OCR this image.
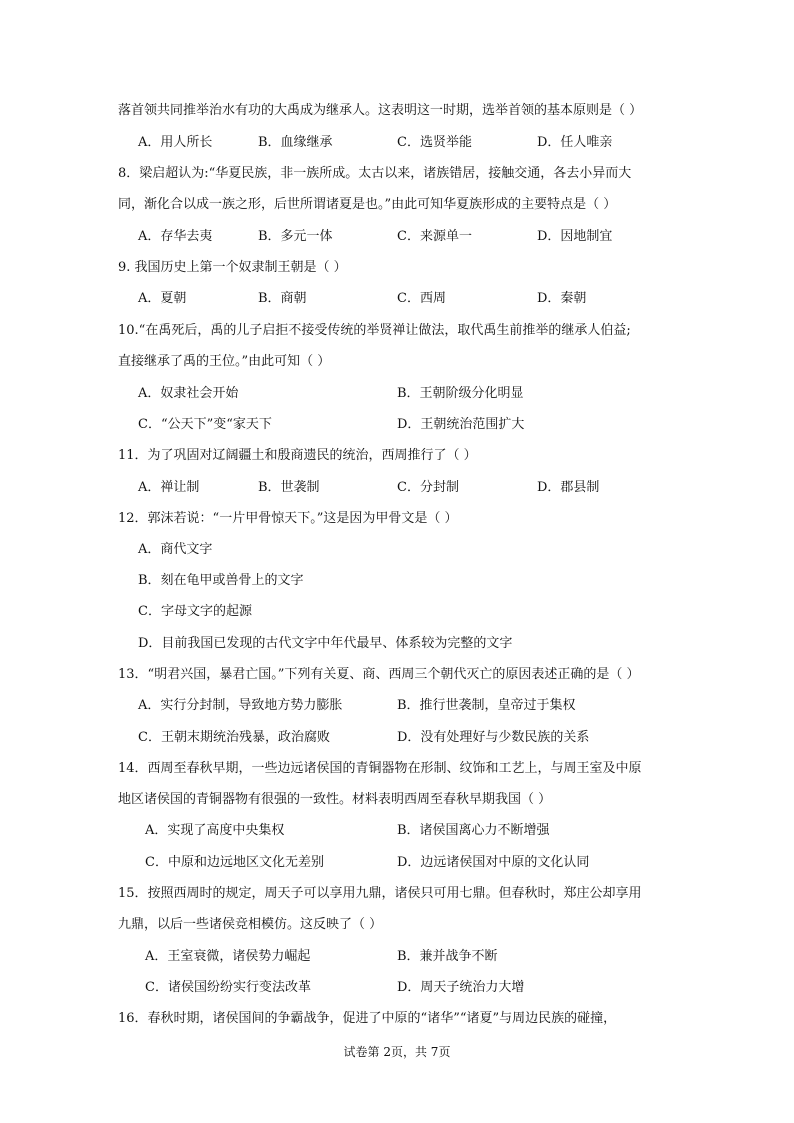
落首领共同推举治水有功的大禹成为继承人。这表明这一时期，选举首领的基本原则是（ ）
A．用人所长	B．血缘继承	C．选贤举能	D．任人唯亲
8．梁启超认为:“华夏民族，非一族所成。太古以来，诸族错居，接触交通，各去小异而大
同，渐化合以成一族之形，后世所谓诸夏是也。”由此可知华夏族形成的主要特点是（ ）
A．存华去夷	B．多元一体	C．来源单一	D．因地制宜
9. 我国历史上第一个奴隶制王朝是（ ）
A．夏朝	B．商朝	C．西周	D．秦朝
10.“在禹死后，禹的儿子启拒不接受传统的举贤禅让做法，取代禹生前推举的继承人伯益;
直接继承了禹的王位。”由此可知（ ）
A．奴隶社会开始	B．王朝阶级分化明显
C．“公天下”变“家天下	D．王朝统治范围扩大
11．为了巩固对辽阔疆土和殷商遗民的统治，西周推行了（ ）
A．禅让制	B．世袭制	C．分封制	D．郡县制
12．郭沫若说：“一片甲骨惊天下。”这是因为甲骨文是（ ）
A．商代文字
B．刻在龟甲或兽骨上的文字
C．字母文字的起源
D．目前我国已发现的古代文字中年代最早、体系较为完整的文字
13．“明君兴国，暴君亡国。”下列有关夏、商、西周三个朝代灭亡的原因表述正确的是（ ）
A．实行分封制，导致地方势力膨胀	B．推行世袭制，皇帝过于集权
C．王朝末期统治残暴，政治腐败	D．没有处理好与少数民族的关系
14．西周至春秋早期，一些边远诸侯国的青铜器物在形制、纹饰和工艺上，与周王室及中原
地区诸侯国的青铜器物有很强的一致性。材料表明西周至春秋早期我国（ ）
A．实现了高度中央集权	B．诸侯国离心力不断增强
C．中原和边远地区文化无差别	D．边远诸侯国对中原的文化认同
15．按照西周时的规定，周天子可以享用九鼎，诸侯只可用七鼎。但春秋时，郑庄公却享用
九鼎，以后一些诸侯竞相模仿。这反映了（ ）
A．王室衰微，诸侯势力崛起	B．兼并战争不断
C．诸侯国纷纷实行变法改革	D．周天子统治力大增
16．春秋时期，诸侯国间的争霸战争，促进了中原的“诸华”“诸夏”与周边民族的碰撞，
试卷第 2页，共 7页
